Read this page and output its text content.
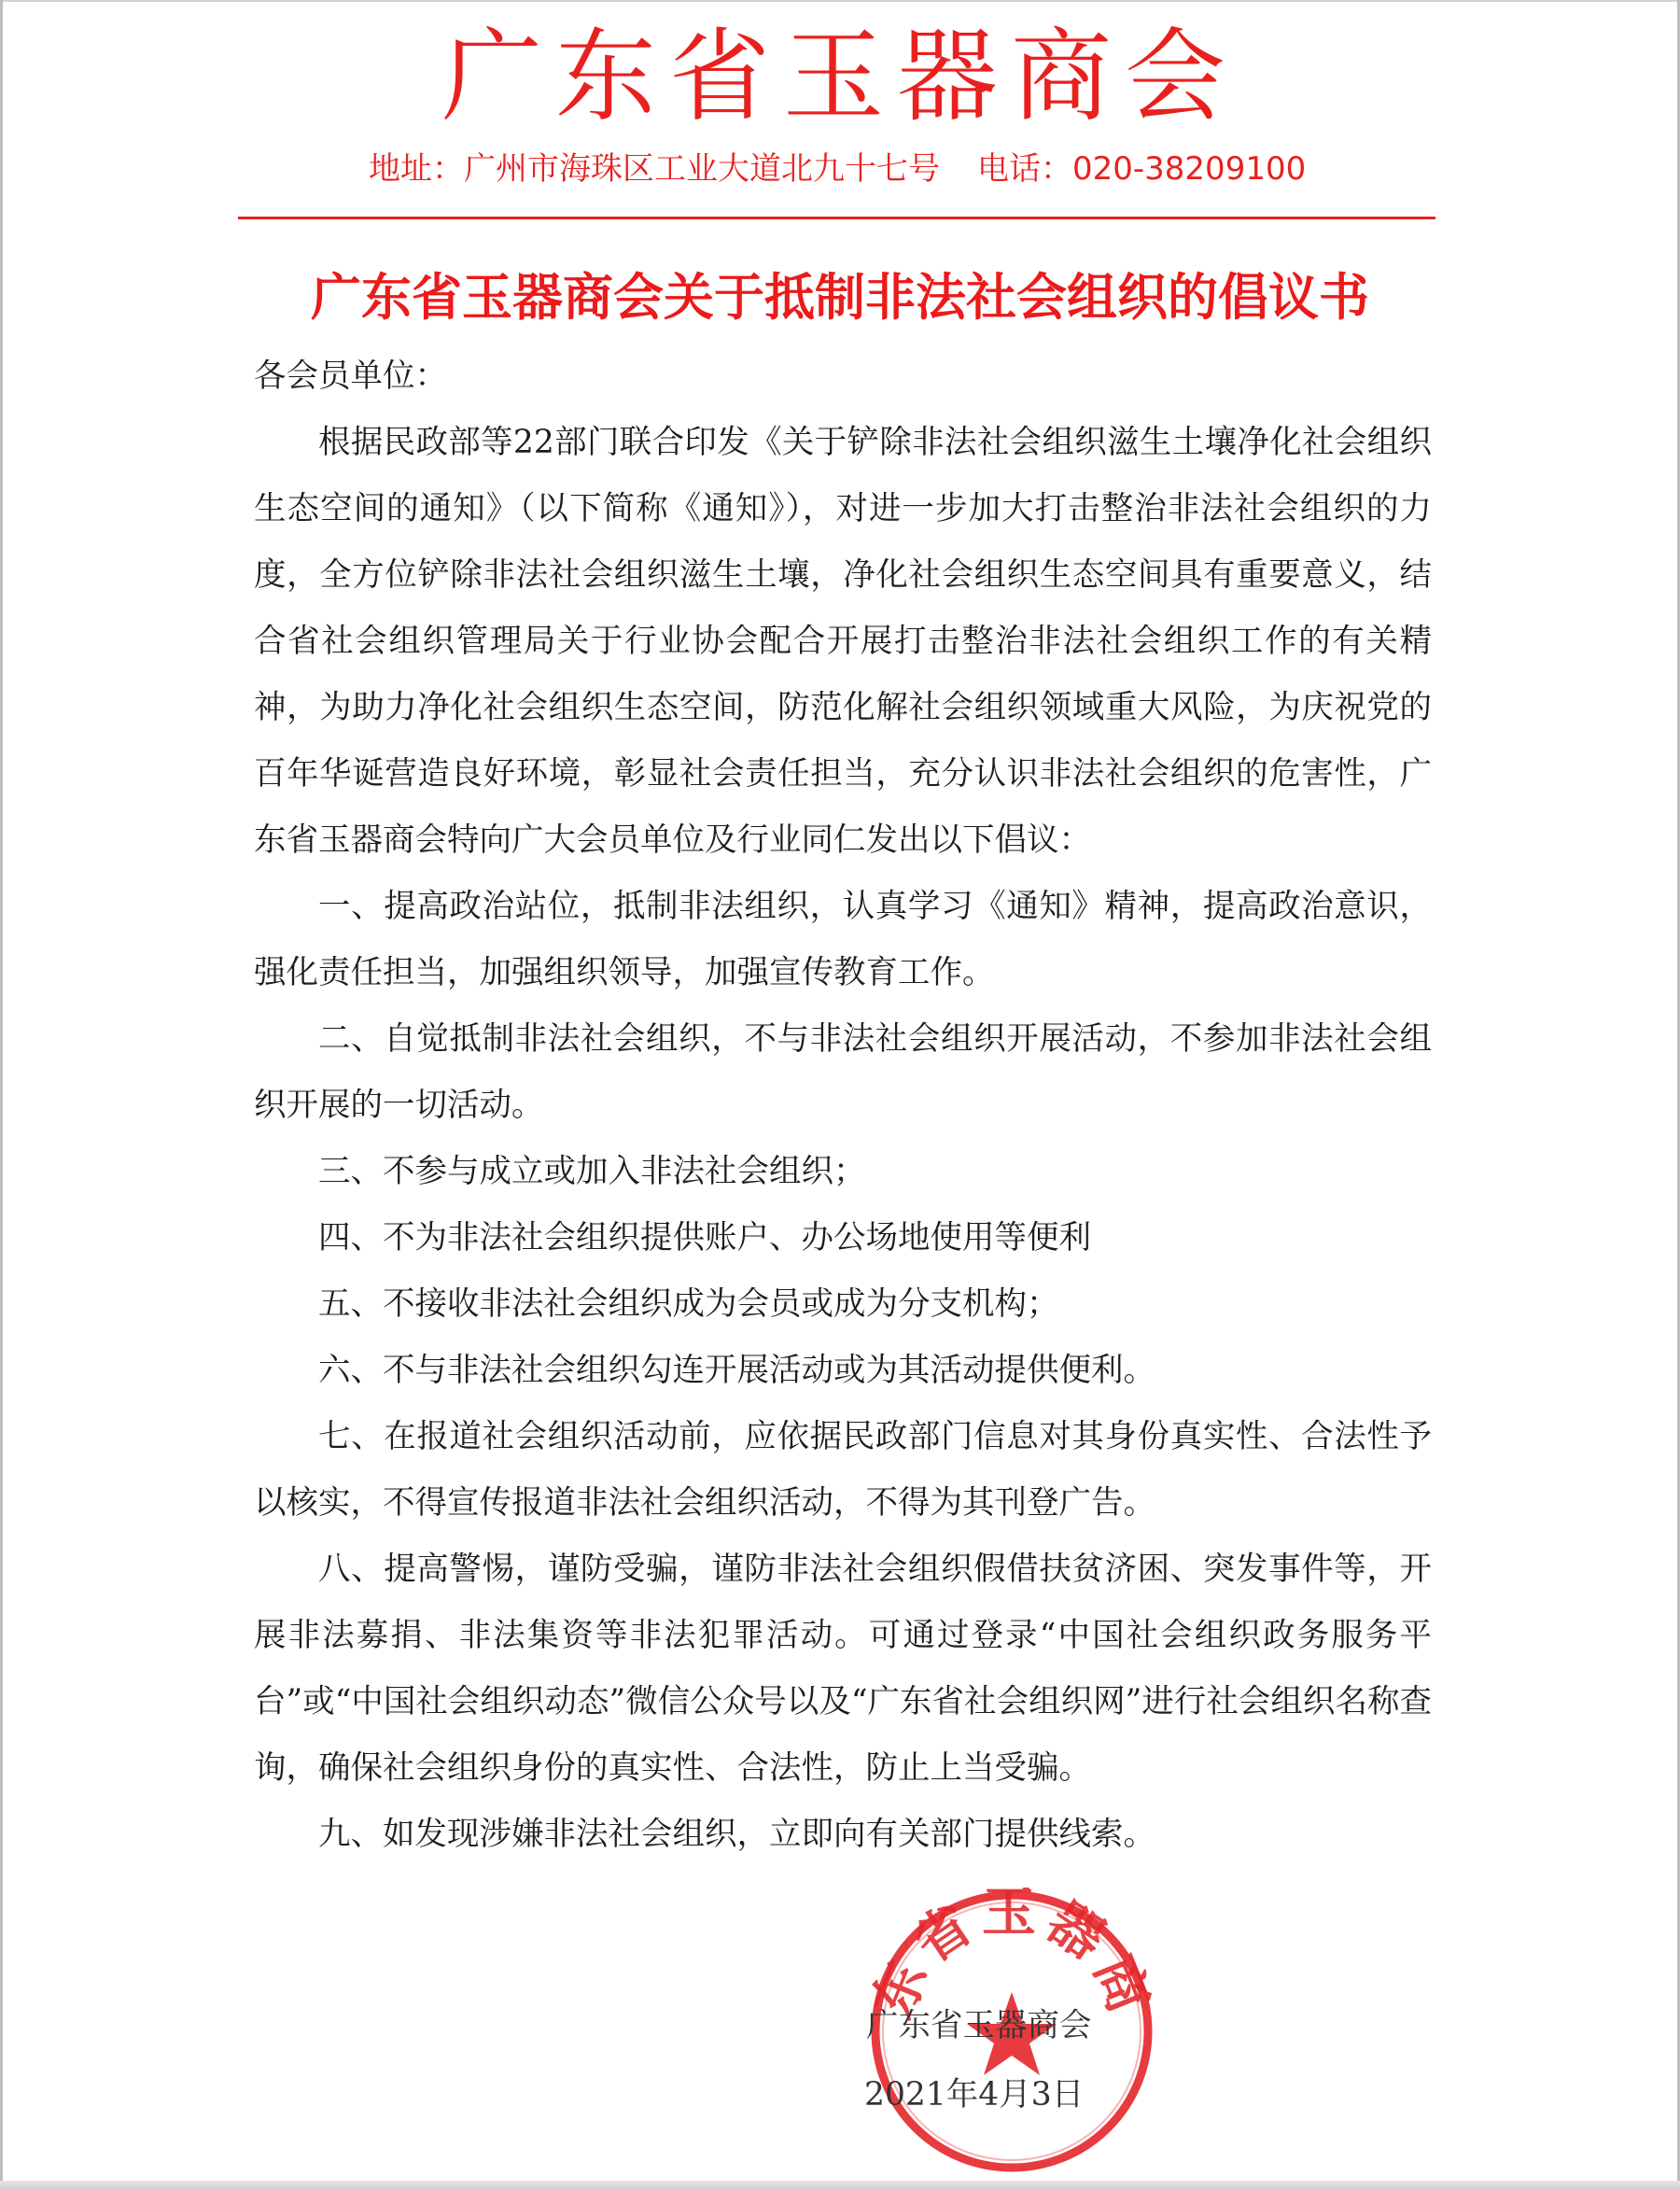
广东省玉器商会
地址：广州市海珠区工业大道北九十七号 电话：020-38209100
广东省玉器商会关于抵制非法社会组织的倡议书

各会员单位：

根据民政部等22部门联合印发《关于铲除非法社会组织滋生土壤净化社会组织生态空间的通知》（以下简称《通知》），对进一步加大打击整治非法社会组织的力度，全方位铲除非法社会组织滋生土壤，净化社会组织生态空间具有重要意义，结合省社会组织管理局关于行业协会配合开展打击整治非法社会组织工作的有关精神，为助力净化社会组织生态空间，防范化解社会组织领域重大风险，为庆祝党的百年华诞营造良好环境，彰显社会责任担当，充分认识非法社会组织的危害性，广东省玉器商会特向广大会员单位及行业同仁发出以下倡议：

一、提高政治站位，抵制非法组织，认真学习《通知》精神，提高政治意识，强化责任担当，加强组织领导，加强宣传教育工作。

二、自觉抵制非法社会组织，不与非法社会组织开展活动，不参加非法社会组织开展的一切活动。

三、不参与成立或加入非法社会组织；

四、不为非法社会组织提供账户、办公场地使用等便利

五、不接收非法社会组织成为会员或成为分支机构；

六、不与非法社会组织勾连开展活动或为其活动提供便利。

七、在报道社会组织活动前，应依据民政部门信息对其身份真实性、合法性予以核实，不得宣传报道非法社会组织活动，不得为其刊登广告。

八、提高警惕，谨防受骗，谨防非法社会组织假借扶贫济困、突发事件等，开展非法募捐、非法集资等非法犯罪活动。可通过登录“中国社会组织政务服务平台”或“中国社会组织动态”微信公众号以及“广东省社会组织网”进行社会组织名称查询，确保社会组织身份的真实性、合法性，防止上当受骗。

九、如发现涉嫌非法社会组织，立即向有关部门提供线索。

东省玉器商
广东省玉器商会
2021年4月3日
